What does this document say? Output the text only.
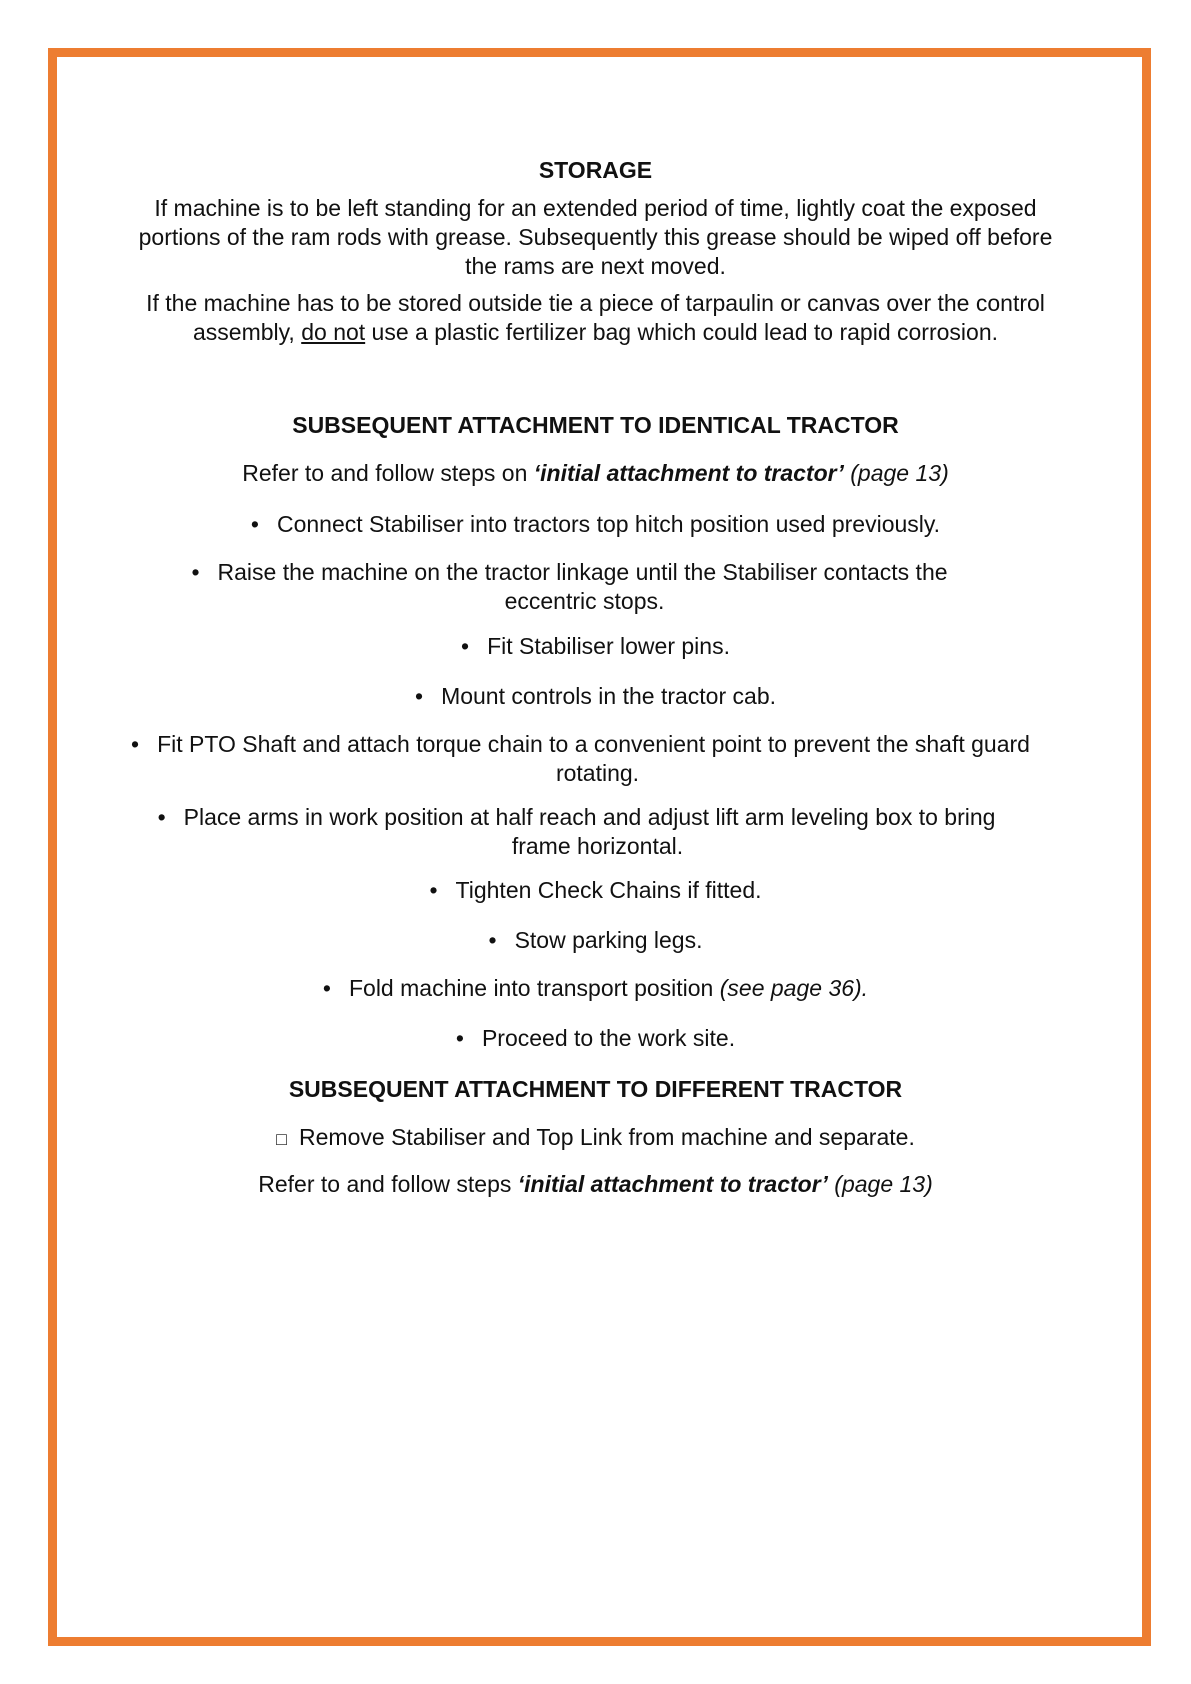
STORAGE
If machine is to be left standing for an extended period of time, lightly coat the exposed
portions of the ram rods with grease. Subsequently this grease should be wiped off before
the rams are next moved.
If the machine has to be stored outside tie a piece of tarpaulin or canvas over the control
assembly, do not use a plastic fertilizer bag which could lead to rapid corrosion.
SUBSEQUENT ATTACHMENT TO IDENTICAL TRACTOR
Refer to and follow steps on ‘initial attachment to tractor’ (page 13)
• Connect Stabiliser into tractors top hitch position used previously.
• Raise the machine on the tractor linkage until the Stabiliser contacts the
eccentric stops.
• Fit Stabiliser lower pins.
• Mount controls in the tractor cab.
• Fit PTO Shaft and attach torque chain to a convenient point to prevent the shaft guard
rotating.
• Place arms in work position at half reach and adjust lift arm leveling box to bring
frame horizontal.
• Tighten Check Chains if fitted.
• Stow parking legs.
• Fold machine into transport position (see page 36).
• Proceed to the work site.
SUBSEQUENT ATTACHMENT TO DIFFERENT TRACTOR
□ Remove Stabiliser and Top Link from machine and separate.
Refer to and follow steps ‘initial attachment to tractor’ (page 13)
